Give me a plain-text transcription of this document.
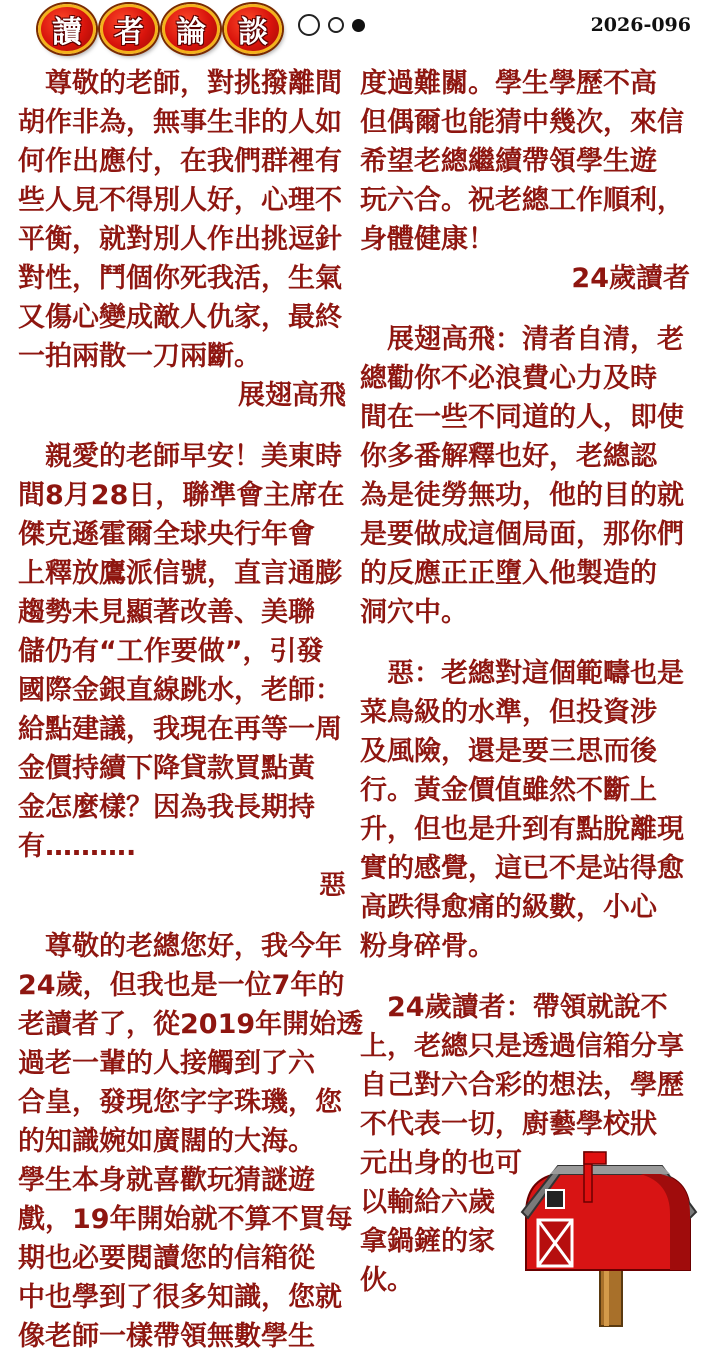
讀	者	論	談	2026-096
　尊敬的老師，對挑撥離間
胡作非為，無事生非的人如
何作出應付，在我們群裡有
些人見不得別人好，心理不
平衡，就對別人作出挑逗針
對性，鬥個你死我活，生氣
又傷心變成敵人仇家，最終
一拍兩散一刀兩斷。
展翅高飛
　親愛的老師早安！美東時
間8月28日，聯準會主席在
傑克遜霍爾全球央行年會
上釋放鷹派信號，直言通膨
趨勢未見顯著改善、美聯
儲仍有“工作要做”，引發
國際金銀直線跳水，老師：
給點建議，我現在再等一周
金價持續下降貸款買點黃
金怎麼樣？因為我長期持
有……….
惡
　尊敬的老總您好，我今年
24歲，但我也是一位7年的
老讀者了，從2019年開始透
過老一輩的人接觸到了六
合皇，發現您字字珠璣，您
的知識婉如廣闊的大海。
學生本身就喜歡玩猜謎遊
戲，19年開始就不算不買每
期也必要閱讀您的信箱從
中也學到了很多知識，您就
像老師一樣帶領無數學生
度過難關。學生學歷不高
但偶爾也能猜中幾次，來信
希望老總繼續帶領學生遊
玩六合。祝老總工作順利，
身體健康！
24歲讀者
　展翅高飛：清者自清，老
總勸你不必浪費心力及時
間在一些不同道的人，即使
你多番解釋也好，老總認
為是徒勞無功，他的目的就
是要做成這個局面，那你們
的反應正正墮入他製造的
洞穴中。
　惡：老總對這個範疇也是
菜鳥級的水準，但投資涉
及風險，還是要三思而後
行。黃金價值雖然不斷上
升，但也是升到有點脫離現
實的感覺，這已不是站得愈
高跌得愈痛的級數，小心
粉身碎骨。
　24歲讀者：帶領就說不
上，老總只是透過信箱分享
自己對六合彩的想法，學歷
不代表一切，廚藝學校狀
元出身的也可
以輸給六歲
拿鍋鏟的家
伙。
